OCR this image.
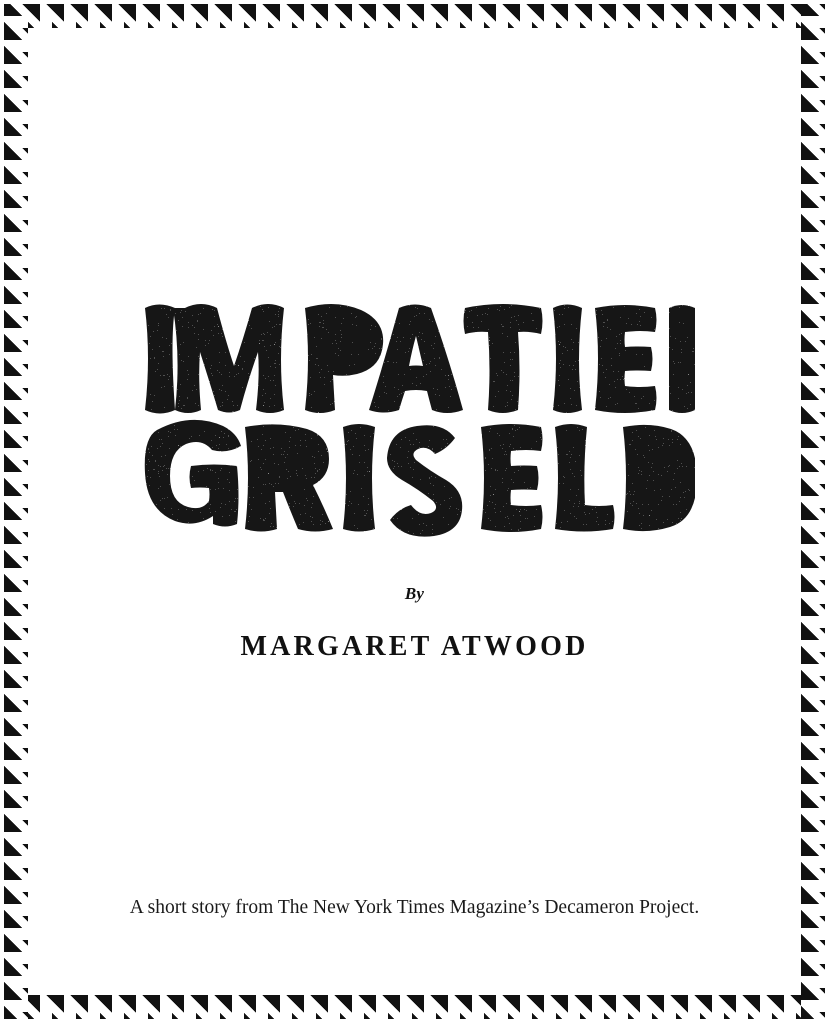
By
MARGARET ATWOOD
A short story from The New York Times Magazine’s Decameron Project.
